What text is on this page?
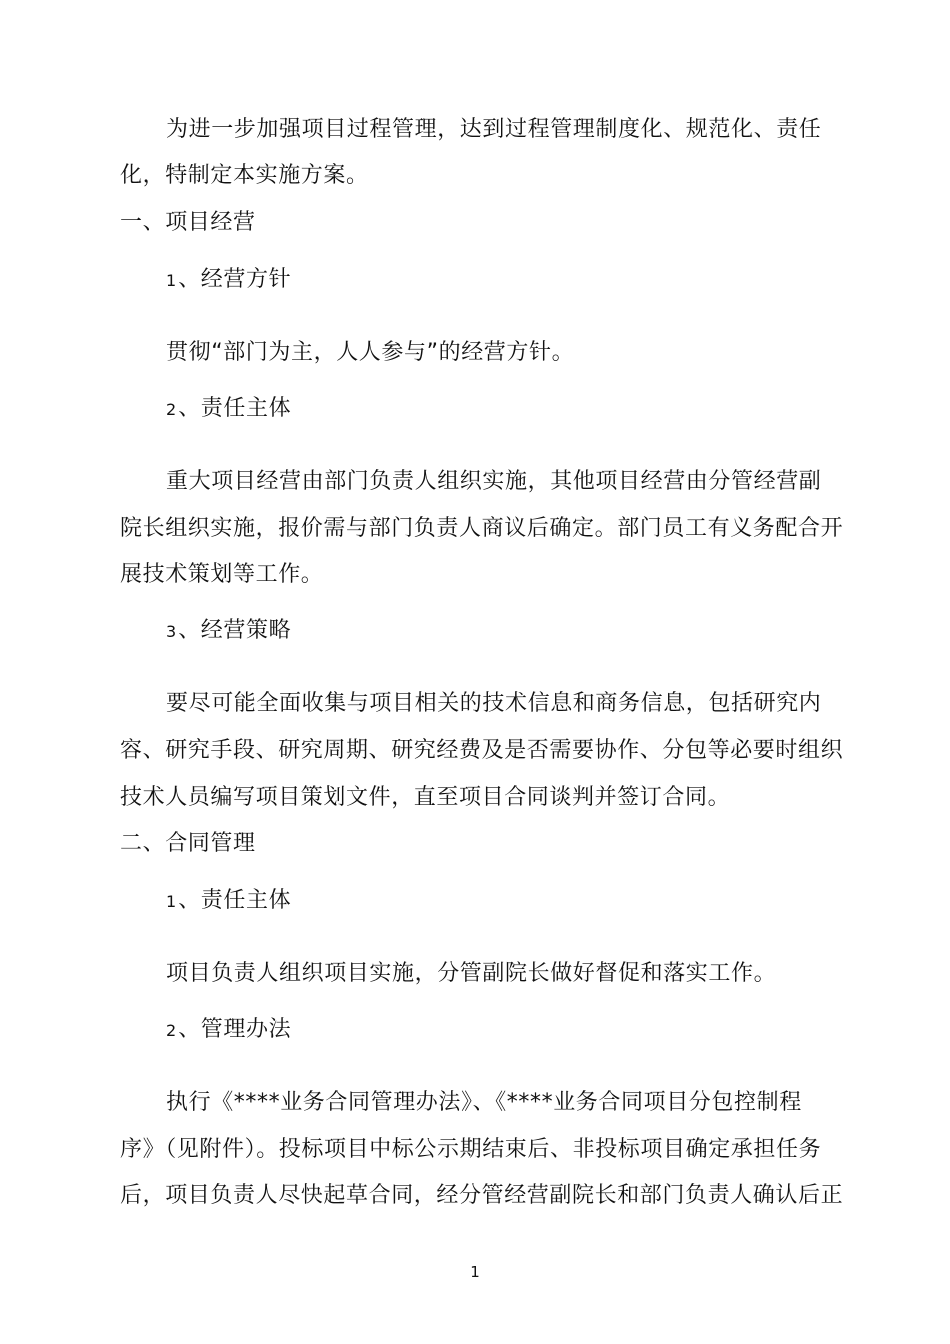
为进一步加强项目过程管理，达到过程管理制度化、规范化、责任
化，特制定本实施方案。
一、项目经营
1、经营方针
贯彻“部门为主，人人参与”的经营方针。
2、责任主体
重大项目经营由部门负责人组织实施，其他项目经营由分管经营副
院长组织实施，报价需与部门负责人商议后确定。部门员工有义务配合开
展技术策划等工作。
3、经营策略
要尽可能全面收集与项目相关的技术信息和商务信息，包括研究内
容、研究手段、研究周期、研究经费及是否需要协作、分包等必要时组织
技术人员编写项目策划文件，直至项目合同谈判并签订合同。
二、合同管理
1、责任主体
项目负责人组织项目实施，分管副院长做好督促和落实工作。
2、管理办法
执行《****业务合同管理办法》、《****业务合同项目分包控制程
序》（见附件）。投标项目中标公示期结束后、非投标项目确定承担任务
后，项目负责人尽快起草合同，经分管经营副院长和部门负责人确认后正
1
